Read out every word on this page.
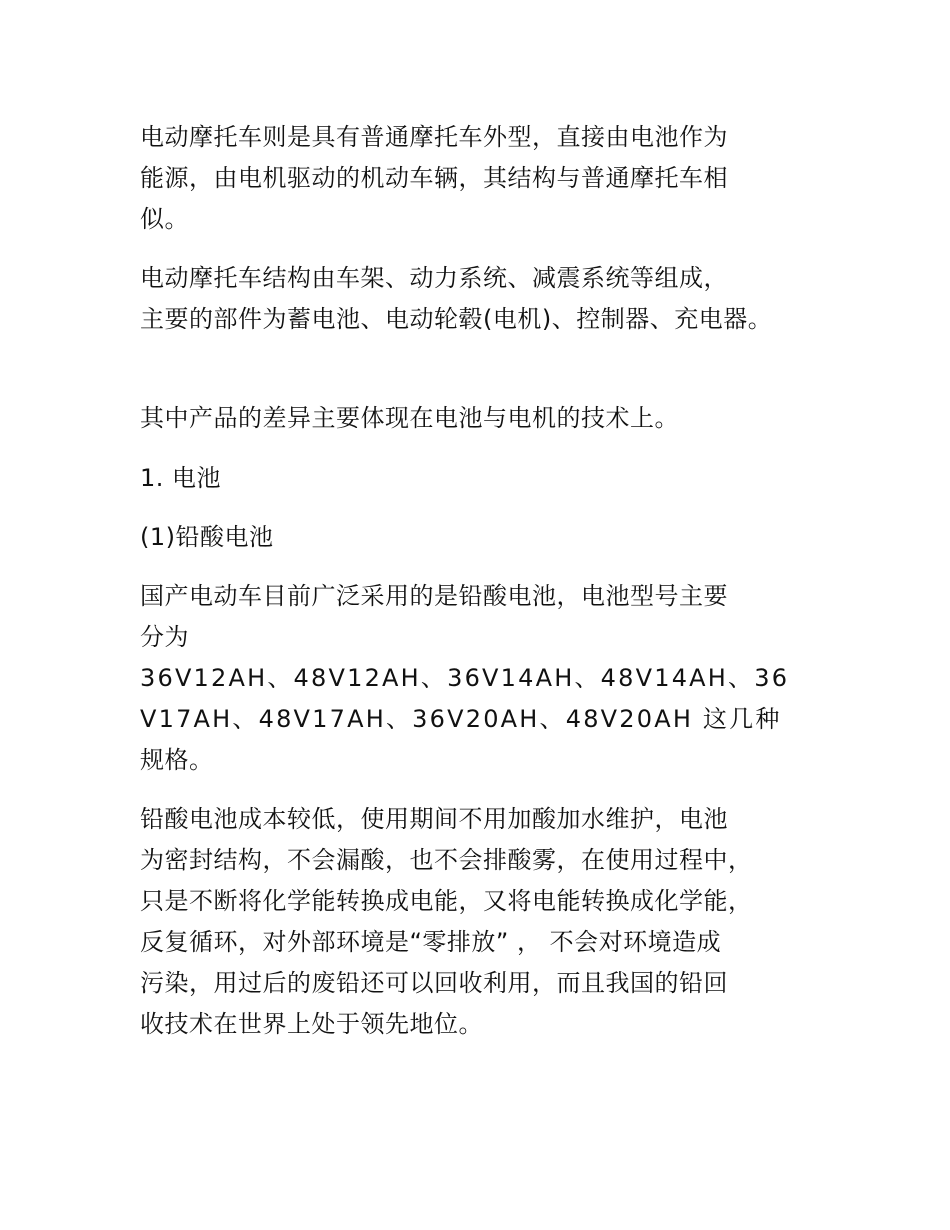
电动摩托车则是具有普通摩托车外型，直接由电池作为
能源，由电机驱动的机动车辆，其结构与普通摩托车相
似。
电动摩托车结构由车架、动力系统、减震系统等组成，
主要的部件为蓄电池、电动轮毂(电机)、控制器、充电器。
其中产品的差异主要体现在电池与电机的技术上。
1. 电池
(1)铅酸电池
国产电动车目前广泛采用的是铅酸电池，电池型号主要
分为
36V12AH、48V12AH、36V14AH、48V14AH、36
V17AH、48V17AH、36V20AH、48V20AH 这几种
规格。
铅酸电池成本较低，使用期间不用加酸加水维护，电池
为密封结构，不会漏酸，也不会排酸雾，在使用过程中，
只是不断将化学能转换成电能，又将电能转换成化学能，
反复循环，对外部环境是“零排放” ， 不会对环境造成
污染，用过后的废铅还可以回收利用，而且我国的铅回
收技术在世界上处于领先地位。
